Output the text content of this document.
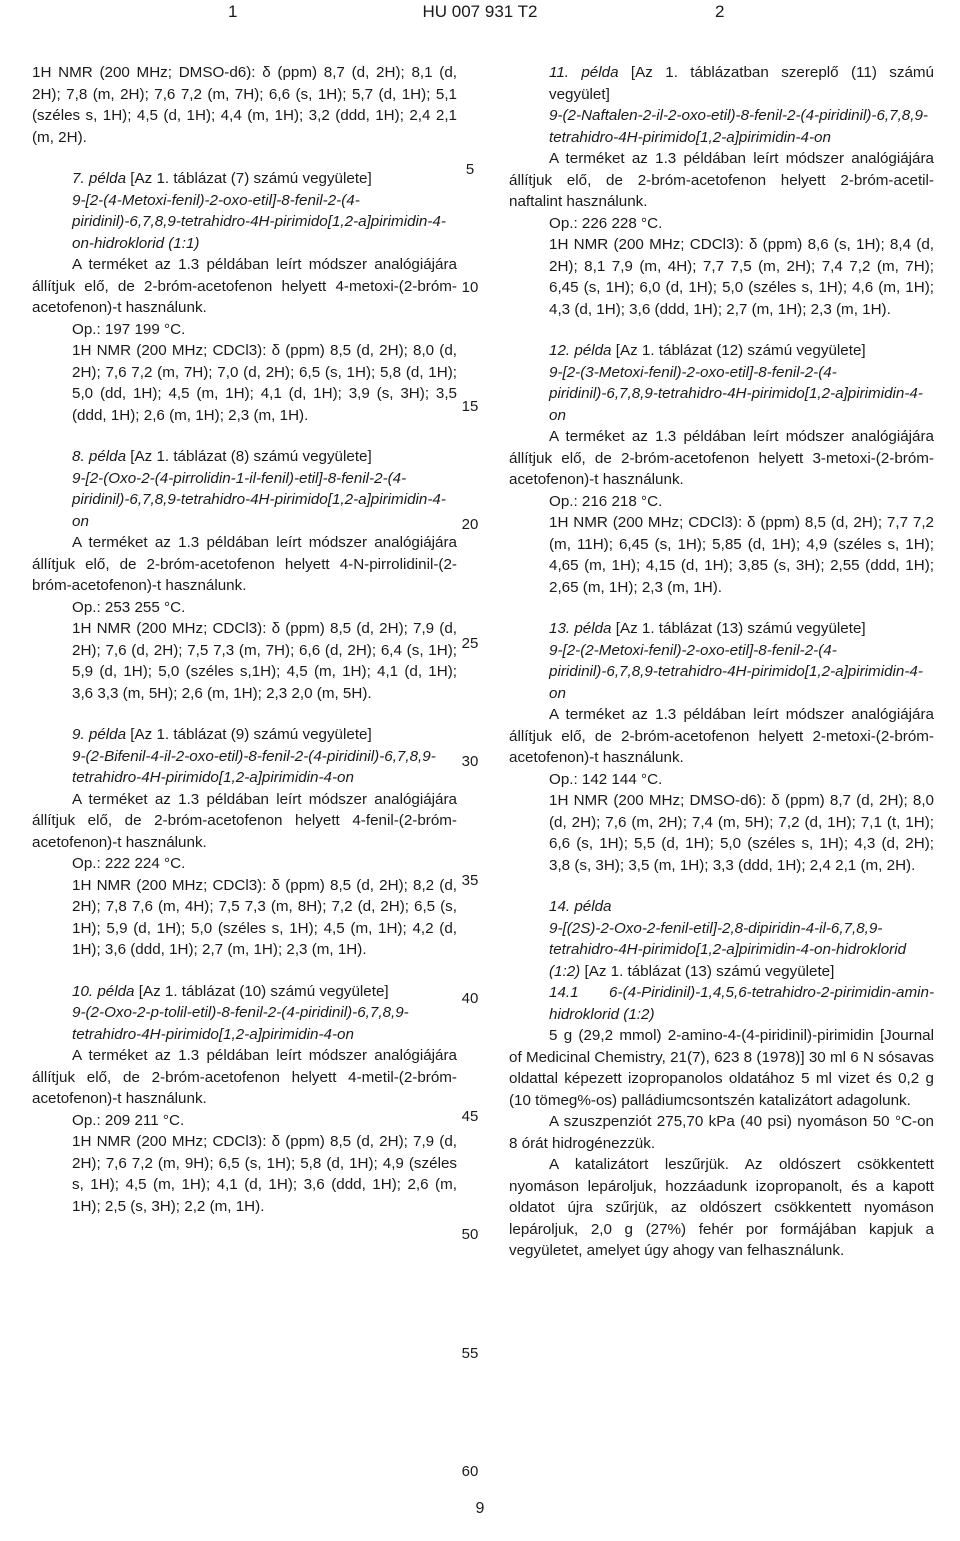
1	HU 007 931 T2	2
5
10
15
20
25
30
35
40
45
50
55
60

1H NMR (200 MHz; DMSO-d6): δ (ppm) 8,7 (d, 2H); 8,1 (d, 2H); 7,8 (m, 2H); 7,6 7,2 (m, 7H); 6,6 (s, 1H); 5,7 (d, 1H); 5,1 (széles s, 1H); 4,5 (d, 1H); 4,4 (m, 1H); 3,2 (ddd, 1H); 2,4 2,1 (m, 2H).

7. példa [Az 1. táblázat (7) számú vegyülete]

9-[2-(4-Metoxi-fenil)-2-oxo-etil]-8-fenil-2-(4-piridinil)-6,7,8,9-tetrahidro-4H-pirimido[1,2-a]pirimidin-4-on-hidroklorid (1:1)

A terméket az 1.3 példában leírt módszer analógiájára állítjuk elő, de 2-bróm-acetofenon helyett 4-metoxi-(2-bróm-acetofenon)-t használunk.

Op.: 197 199 °C.

1H NMR (200 MHz; CDCl3): δ (ppm) 8,5 (d, 2H); 8,0 (d, 2H); 7,6 7,2 (m, 7H); 7,0 (d, 2H); 6,5 (s, 1H); 5,8 (d, 1H); 5,0 (dd, 1H); 4,5 (m, 1H); 4,1 (d, 1H); 3,9 (s, 3H); 3,5 (ddd, 1H); 2,6 (m, 1H); 2,3 (m, 1H).

8. példa [Az 1. táblázat (8) számú vegyülete]

9-[2-(Oxo-2-(4-pirrolidin-1-il-fenil)-etil]-8-fenil-2-(4-piridinil)-6,7,8,9-tetrahidro-4H-pirimido[1,2-a]pirimidin-4-on

A terméket az 1.3 példában leírt módszer analógiájára állítjuk elő, de 2-bróm-acetofenon helyett 4-N-pirrolidinil-(2-bróm-acetofenon)-t használunk.

Op.: 253 255 °C.

1H NMR (200 MHz; CDCl3): δ (ppm) 8,5 (d, 2H); 7,9 (d, 2H); 7,6 (d, 2H); 7,5 7,3 (m, 7H); 6,6 (d, 2H); 6,4 (s, 1H); 5,9 (d, 1H); 5,0 (széles s,1H); 4,5 (m, 1H); 4,1 (d, 1H); 3,6 3,3 (m, 5H); 2,6 (m, 1H); 2,3 2,0 (m, 5H).

9. példa [Az 1. táblázat (9) számú vegyülete]

9-(2-Bifenil-4-il-2-oxo-etil)-8-fenil-2-(4-piridinil)-6,7,8,9-tetrahidro-4H-pirimido[1,2-a]pirimidin-4-on

A terméket az 1.3 példában leírt módszer analógiájára állítjuk elő, de 2-bróm-acetofenon helyett 4-fenil-(2-bróm-acetofenon)-t használunk.

Op.: 222 224 °C.

1H NMR (200 MHz; CDCl3): δ (ppm) 8,5 (d, 2H); 8,2 (d, 2H); 7,8 7,6 (m, 4H); 7,5 7,3 (m, 8H); 7,2 (d, 2H); 6,5 (s, 1H); 5,9 (d, 1H); 5,0 (széles s, 1H); 4,5 (m, 1H); 4,2 (d, 1H); 3,6 (ddd, 1H); 2,7 (m, 1H); 2,3 (m, 1H).

10. példa [Az 1. táblázat (10) számú vegyülete]

9-(2-Oxo-2-p-tolil-etil)-8-fenil-2-(4-piridinil)-6,7,8,9-tetrahidro-4H-pirimido[1,2-a]pirimidin-4-on

A terméket az 1.3 példában leírt módszer analógiájára állítjuk elő, de 2-bróm-acetofenon helyett 4-metil-(2-bróm-acetofenon)-t használunk.

Op.: 209 211 °C.

1H NMR (200 MHz; CDCl3): δ (ppm) 8,5 (d, 2H); 7,9 (d, 2H); 7,6 7,2 (m, 9H); 6,5 (s, 1H); 5,8 (d, 1H); 4,9 (széles s, 1H); 4,5 (m, 1H); 4,1 (d, 1H); 3,6 (ddd, 1H); 2,6 (m, 1H); 2,5 (s, 3H); 2,2 (m, 1H).

11. példa [Az 1. táblázatban szereplő (11) számú vegyület]

9-(2-Naftalen-2-il-2-oxo-etil)-8-fenil-2-(4-piridinil)-6,7,8,9-tetrahidro-4H-pirimido[1,2-a]pirimidin-4-on

A terméket az 1.3 példában leírt módszer analógiájára állítjuk elő, de 2-bróm-acetofenon helyett 2-bróm-acetil-naftalint használunk.

Op.: 226 228 °C.

1H NMR (200 MHz; CDCl3): δ (ppm) 8,6 (s, 1H); 8,4 (d, 2H); 8,1 7,9 (m, 4H); 7,7 7,5 (m, 2H); 7,4 7,2 (m, 7H); 6,45 (s, 1H); 6,0 (d, 1H); 5,0 (széles s, 1H); 4,6 (m, 1H); 4,3 (d, 1H); 3,6 (ddd, 1H); 2,7 (m, 1H); 2,3 (m, 1H).

12. példa [Az 1. táblázat (12) számú vegyülete]

9-[2-(3-Metoxi-fenil)-2-oxo-etil]-8-fenil-2-(4-piridinil)-6,7,8,9-tetrahidro-4H-pirimido[1,2-a]pirimidin-4-on

A terméket az 1.3 példában leírt módszer analógiájára állítjuk elő, de 2-bróm-acetofenon helyett 3-metoxi-(2-bróm-acetofenon)-t használunk.

Op.: 216 218 °C.

1H NMR (200 MHz; CDCl3): δ (ppm) 8,5 (d, 2H); 7,7 7,2 (m, 11H); 6,45 (s, 1H); 5,85 (d, 1H); 4,9 (széles s, 1H); 4,65 (m, 1H); 4,15 (d, 1H); 3,85 (s, 3H); 2,55 (ddd, 1H); 2,65 (m, 1H); 2,3 (m, 1H).

13. példa [Az 1. táblázat (13) számú vegyülete]

9-[2-(2-Metoxi-fenil)-2-oxo-etil]-8-fenil-2-(4-piridinil)-6,7,8,9-tetrahidro-4H-pirimido[1,2-a]pirimidin-4-on

A terméket az 1.3 példában leírt módszer analógiájára állítjuk elő, de 2-bróm-acetofenon helyett 2-metoxi-(2-bróm-acetofenon)-t használunk.

Op.: 142 144 °C.

1H NMR (200 MHz; DMSO-d6): δ (ppm) 8,7 (d, 2H); 8,0 (d, 2H); 7,6 (m, 2H); 7,4 (m, 5H); 7,2 (d, 1H); 7,1 (t, 1H); 6,6 (s, 1H); 5,5 (d, 1H); 5,0 (széles s, 1H); 4,3 (d, 2H); 3,8 (s, 3H); 3,5 (m, 1H); 3,3 (ddd, 1H); 2,4 2,1 (m, 2H).

14. példa

9-[(2S)-2-Oxo-2-fenil-etil]-2,8-dipiridin-4-il-6,7,8,9-tetrahidro-4H-pirimido[1,2-a]pirimidin-4-on-hidroklorid (1:2) [Az 1. táblázat (13) számú vegyülete]

14.1 6-(4-Piridinil)-1,4,5,6-tetrahidro-2-pirimidin-amin-hidroklorid (1:2)

5 g (29,2 mmol) 2-amino-4-(4-piridinil)-pirimidin [Journal of Medicinal Chemistry, 21(7), 623 8 (1978)] 30 ml 6 N sósavas oldattal képezett izopropanolos oldatához 5 ml vizet és 0,2 g (10 tömeg%-os) palládiumcsontszén katalizátort adagolunk.

A szuszpenziót 275,70 kPa (40 psi) nyomáson 50 °C-on 8 órát hidrogénezzük.

A katalizátort leszűrjük. Az oldószert csökkentett nyomáson lepároljuk, hozzáadunk izopropanolt, és a kapott oldatot újra szűrjük, az oldószert csökkentett nyomáson lepároljuk, 2,0 g (27%) fehér por formájában kapjuk a vegyületet, amelyet úgy ahogy van felhasználunk.

9
